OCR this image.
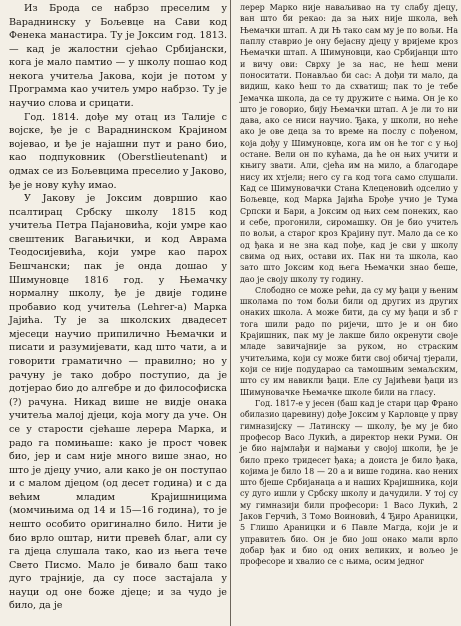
Из Брода се набрзо преселим у Вараднинску у Бољевце на Сави код Фенека манастира. Ту је Јоксим год. 1813. — кад је жалостни сјећао Србијански, кога је мало памтио — у школу пошао код некога учитеља Јакова, који је потом у Программа као учитељ умро набрзо. Ту је научио слова и срицати.

Год. 1814. дође му отац из Талије с војске, ђе је с Вараднинском Крајином војевао, и ђе је најашни пут и рано био, као подпуковник (Oberstlieutenant) и одмах се из Бољевцима преселио у Јаково, ђе је нову кућу имао.

У Јакову је Јоксим довршио као псалтирац Србску школу 1815 код учитеља Петра Пајановића, који умре као свештеник Вагањички, и код Аврама Теодосијевића, који умре као парох Бешчански; пак је онда дошао у Шимуновце 1816 год. у Њемачку нормалну школу, ђе је двије године пробавио код учитеља (Lehrer-a) Марка Јајића. Ту је за школских двадесет мјесеци научио припилично Њемачки и писати и разумијевати, кад што чати, а и говорити граматично — правилно; но у рачуну је тако добро поступио, да је дотјерао био до алгебре и до философиска (?) рачуна. Никад више не видје онака учитеља малој дјеци, која могу да уче. Он се у старости сјећаше лерера Марка, и радо га помињаше: како је прост човек био, јер и сам није много више знао, но што је дјецу учио, али како је он поступао и с малом дјецом (од десет година) и с да већим младим Крајишницима (момчињима од 14 и 15—16 година), то је нешто особито оригинално било. Нити је био врло оштар, нити превећ благ, али су га дјеца слушала тако, као из њега тече Свето Писмо. Мало је бивало баш тако дуго трајније, да су посе застајала у науци од оне боже дјеце; и за чудо је било, да је

лерер Марко није наваљивао на ту слабу дјецу, ван што би рекао: да за њих није школа, већ Њемачки штап. А ди Њ тако сам му је по вољи. На паплу ставрио је ону бејасну дјецу у вријеме кроз Њемачки штап. А Шимуновци, као Србијанци што и вичу ови: Сврху је за нас, не ћеш мени поноситати. Понављао би сас: А дођи ти мало, да видиш, како ћеш то да схватиш; пак то је тебе Јемачка школа, да се ту дружите с њима. Он је ко што је говорио, бију Њемачки штап. А је ли то ни дава, ако се ниси научио. Ђака, у школи, но неће ако је ове деца за то време на послу с пођеном, која дођу у Шимуновце, кога им он ће тог с у њој остане. Вели он по кућама, да ће он њих учити и књигу звати. Али, сјећа им на мило, а благодаре нису их хтјели; него су га код тога само слушали. Кад се Шимуновачки Стана Клеценовић одселио у Бољевце, код Марка Јајића Брође учио је Тума Српски и Бари, а Јоксим од њих сем понеких, као и себе, прогонили, сиромашку. Он је био учитељ по вољи, а старог кроз Крајину пут. Мало да се ко од ђака и не зна кад пође, кад је сви у школу свима од њих, остави их. Пак ни та школа, као зато што Јоксим код њега Њемачки знао беше, дао је своју школу ту годину.

Слободно се може рећи, да су му ђаци у њеним школама по том бољи били од других из других онаких школа. А може бити, да су му ђаци и зб г тога шили радо по ријечи, што је и он био Крајишник, пак му је лакше било окренути своје младе завичајније за руком, но страским учитељима, који су може бити свој обичај тјерали, који се није подударао са тамошњим земаљским, што су им навикли ђаци. Еле су Јајићеви ђаци из Шимуновачке Њемачке школе били на гласу.

Год. 1817-е у јесен (баш кад је стари цар Франо обилазио царевину) дође Јоксим у Карловце у прву гимназијску — Латинску — школу, ђе му је био професор Васо Лукић, а директор неки Руми. Он је био најмлађи и најмањи у својој школи, ђе је било преко тридесет ђака; а доиста је било ђака, којима је било 18 — 20 а и више година. као нених што бјеше Србијанаца а и наших Крајишника, који су дуго ишли у Србску школу и дачудили. У тој су му гимназији били професори: 1 Васо Лукић, 2 Јаков Герчић, 3 Томо Воиновић, 4 Ђиро Араницки, 5 Глишо Араницки и 6 Павле Магда, који је и управитељ био. Он је био још онако мали врло добар ђак и био од оних великих, и вољео је професоре и хвалио се с њима, осим једног
